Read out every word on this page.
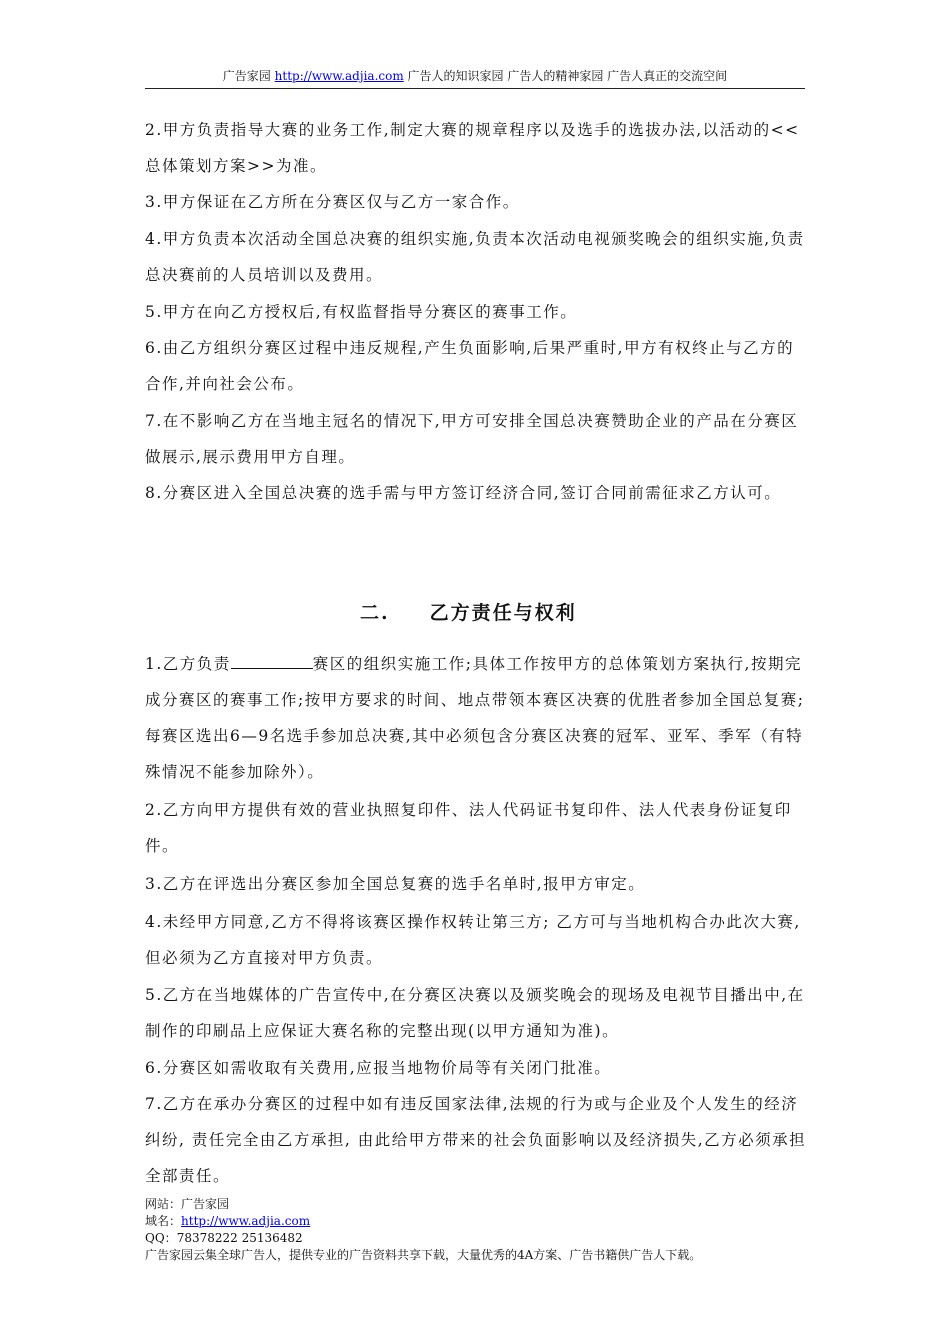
广告家园 http://www.adjia.com 广告人的知识家园 广告人的精神家园 广告人真正的交流空间
2.甲方负责指导大赛的业务工作,制定大赛的规章程序以及选手的选拔办法,以活动的<<总体策划方案>>为准。
3.甲方保证在乙方所在分赛区仅与乙方一家合作。
4.甲方负责本次活动全国总决赛的组织实施,负责本次活动电视颁奖晚会的组织实施,负责总决赛前的人员培训以及费用。
5.甲方在向乙方授权后,有权监督指导分赛区的赛事工作。
6.由乙方组织分赛区过程中违反规程,产生负面影响,后果严重时,甲方有权终止与乙方的合作,并向社会公布。
7.在不影响乙方在当地主冠名的情况下,甲方可安排全国总决赛赞助企业的产品在分赛区做展示,展示费用甲方自理。
8.分赛区进入全国总决赛的选手需与甲方签订经济合同,签订合同前需征求乙方认可。
二. 乙方责任与权利
1.乙方负责	赛区的组织实施工作;具体工作按甲方的总体策划方案执行,按期完成分赛区的赛事工作;按甲方要求的时间、地点带领本赛区决赛的优胜者参加全国总复赛;每赛区选出6—9名选手参加总决赛,其中必须包含分赛区决赛的冠军、亚军、季军（有特殊情况不能参加除外）。
2.乙方向甲方提供有效的营业执照复印件、法人代码证书复印件、法人代表身份证复印件。
3.乙方在评选出分赛区参加全国总复赛的选手名单时,报甲方审定。
4.未经甲方同意,乙方不得将该赛区操作权转让第三方; 乙方可与当地机构合办此次大赛, 但必须为乙方直接对甲方负责。
5.乙方在当地媒体的广告宣传中,在分赛区决赛以及颁奖晚会的现场及电视节目播出中,在制作的印刷品上应保证大赛名称的完整出现(以甲方通知为准)。
6.分赛区如需收取有关费用,应报当地物价局等有关闭门批准。
7.乙方在承办分赛区的过程中如有违反国家法律,法规的行为或与企业及个人发生的经济纠纷, 责任完全由乙方承担, 由此给甲方带来的社会负面影响以及经济损失,乙方必须承担全部责任。
网站：广告家园
域名：http://www.adjia.com
QQ：78378222 25136482
广告家园云集全球广告人，提供专业的广告资料共享下载，大量优秀的4A方案、广告书籍供广告人下载。
